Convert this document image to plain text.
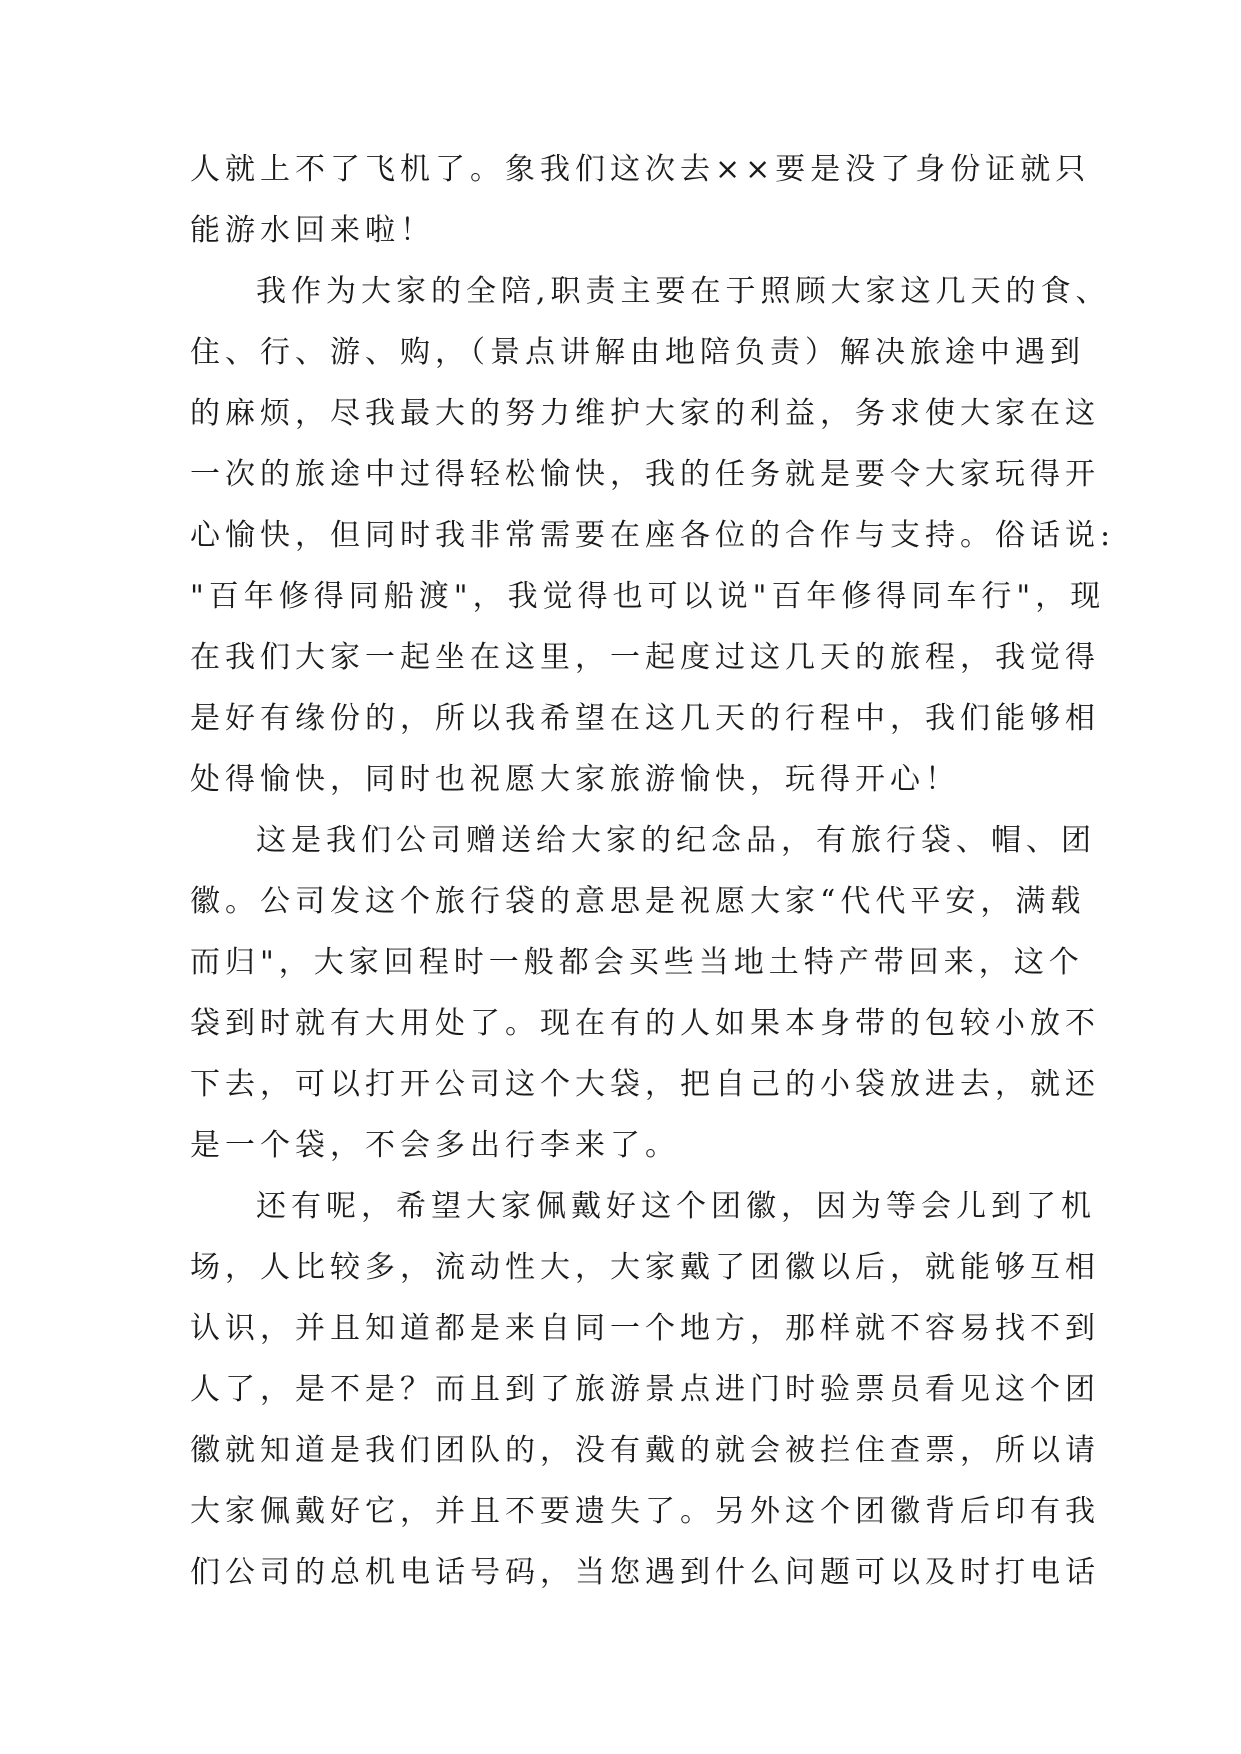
人就上不了飞机了。象我们这次去××要是没了身份证就只
能游水回来啦！
我作为大家的全陪,职责主要在于照顾大家这几天的食、
住、行、游、购，（景点讲解由地陪负责）解决旅途中遇到
的麻烦，尽我最大的努力维护大家的利益，务求使大家在这
一次的旅途中过得轻松愉快，我的任务就是要令大家玩得开
心愉快，但同时我非常需要在座各位的合作与支持。俗话说:
"百年修得同船渡"，我觉得也可以说"百年修得同车行"，现
在我们大家一起坐在这里，一起度过这几天的旅程，我觉得
是好有缘份的，所以我希望在这几天的行程中，我们能够相
处得愉快，同时也祝愿大家旅游愉快，玩得开心！
这是我们公司赠送给大家的纪念品，有旅行袋、帽、团
徽。公司发这个旅行袋的意思是祝愿大家“代代平安，满载
而归"，大家回程时一般都会买些当地土特产带回来，这个
袋到时就有大用处了。现在有的人如果本身带的包较小放不
下去，可以打开公司这个大袋，把自己的小袋放进去，就还
是一个袋，不会多出行李来了。
还有呢，希望大家佩戴好这个团徽，因为等会儿到了机
场，人比较多，流动性大，大家戴了团徽以后，就能够互相
认识，并且知道都是来自同一个地方，那样就不容易找不到
人了，是不是？而且到了旅游景点进门时验票员看见这个团
徽就知道是我们团队的，没有戴的就会被拦住查票，所以请
大家佩戴好它，并且不要遗失了。另外这个团徽背后印有我
们公司的总机电话号码，当您遇到什么问题可以及时打电话
